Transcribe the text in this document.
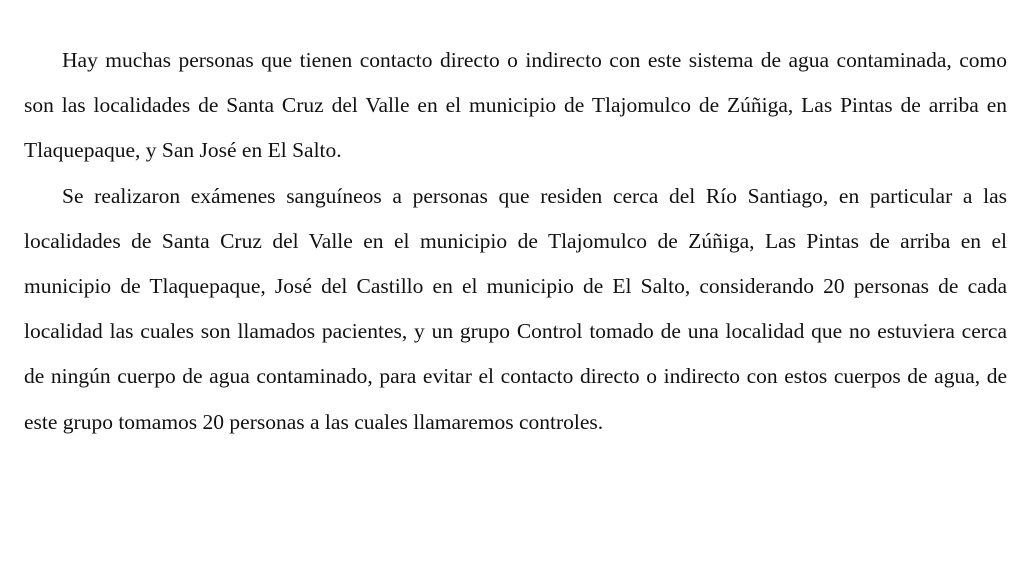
Hay muchas personas que tienen contacto directo o indirecto con este sistema de agua contaminada, como son las localidades de Santa Cruz del Valle en el municipio de Tlajomulco de Zúñiga, Las Pintas de arriba en Tlaquepaque, y San José en El Salto.

Se realizaron exámenes sanguíneos a personas que residen cerca del Río Santiago, en particular a las localidades de Santa Cruz del Valle en el municipio de Tlajomulco de Zúñiga, Las Pintas de arriba en el municipio de Tlaquepaque, José del Castillo en el municipio de El Salto, considerando 20 personas de cada localidad las cuales son llamados pacientes, y un grupo Control tomado de una localidad que no estuviera cerca de ningún cuerpo de agua contaminado, para evitar el contacto directo o indirecto con estos cuerpos de agua, de este grupo tomamos 20 personas a las cuales llamaremos controles.
